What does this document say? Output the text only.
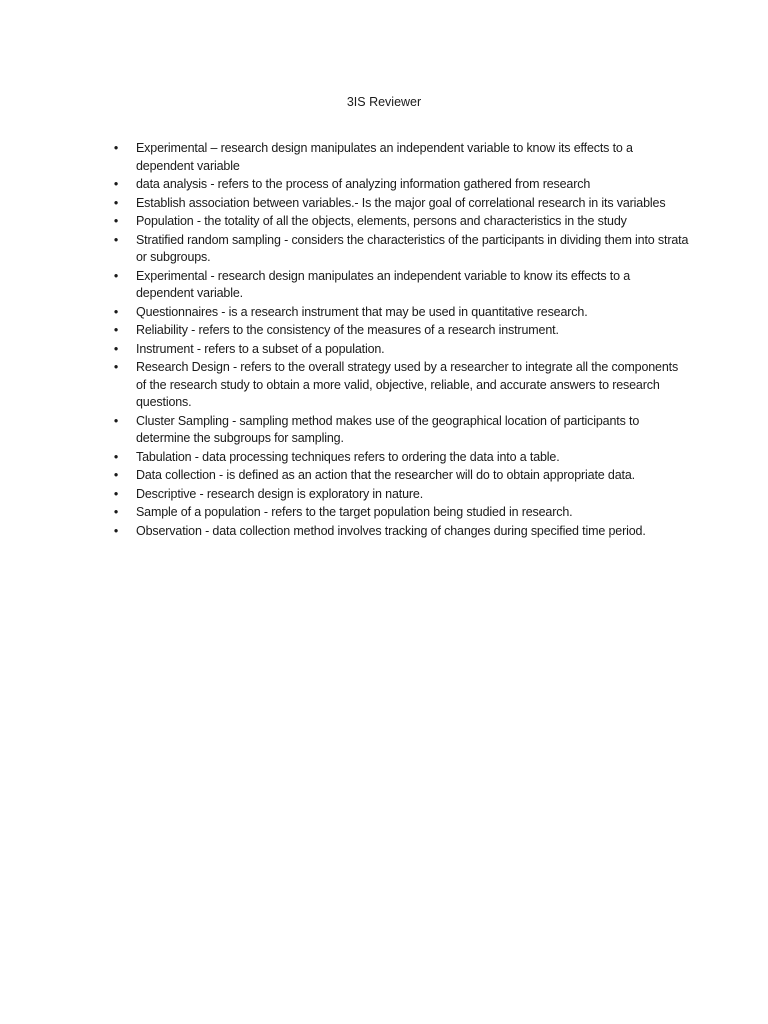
3IS Reviewer
• Experimental – research design manipulates an independent variable to know its effects to a dependent variable
• data analysis - refers to the process of analyzing information gathered from research
• Establish association between variables.- Is the major goal of correlational research in its variables
• Population - the totality of all the objects, elements, persons and characteristics in the study
• Stratified random sampling - considers the characteristics of the participants in dividing them into strata or subgroups.
• Experimental - research design manipulates an independent variable to know its effects to a dependent variable.
• Questionnaires - is a research instrument that may be used in quantitative research.
• Reliability - refers to the consistency of the measures of a research instrument.
• Instrument - refers to a subset of a population.
• Research Design - refers to the overall strategy used by a researcher to integrate all the components of the research study to obtain a more valid, objective, reliable, and accurate answers to research questions.
• Cluster Sampling - sampling method makes use of the geographical location of participants to determine the subgroups for sampling.
• Tabulation - data processing techniques refers to ordering the data into a table.
• Data collection - is defined as an action that the researcher will do to obtain appropriate data.
• Descriptive - research design is exploratory in nature.
• Sample of a population - refers to the target population being studied in research.
• Observation - data collection method involves tracking of changes during specified time period.
